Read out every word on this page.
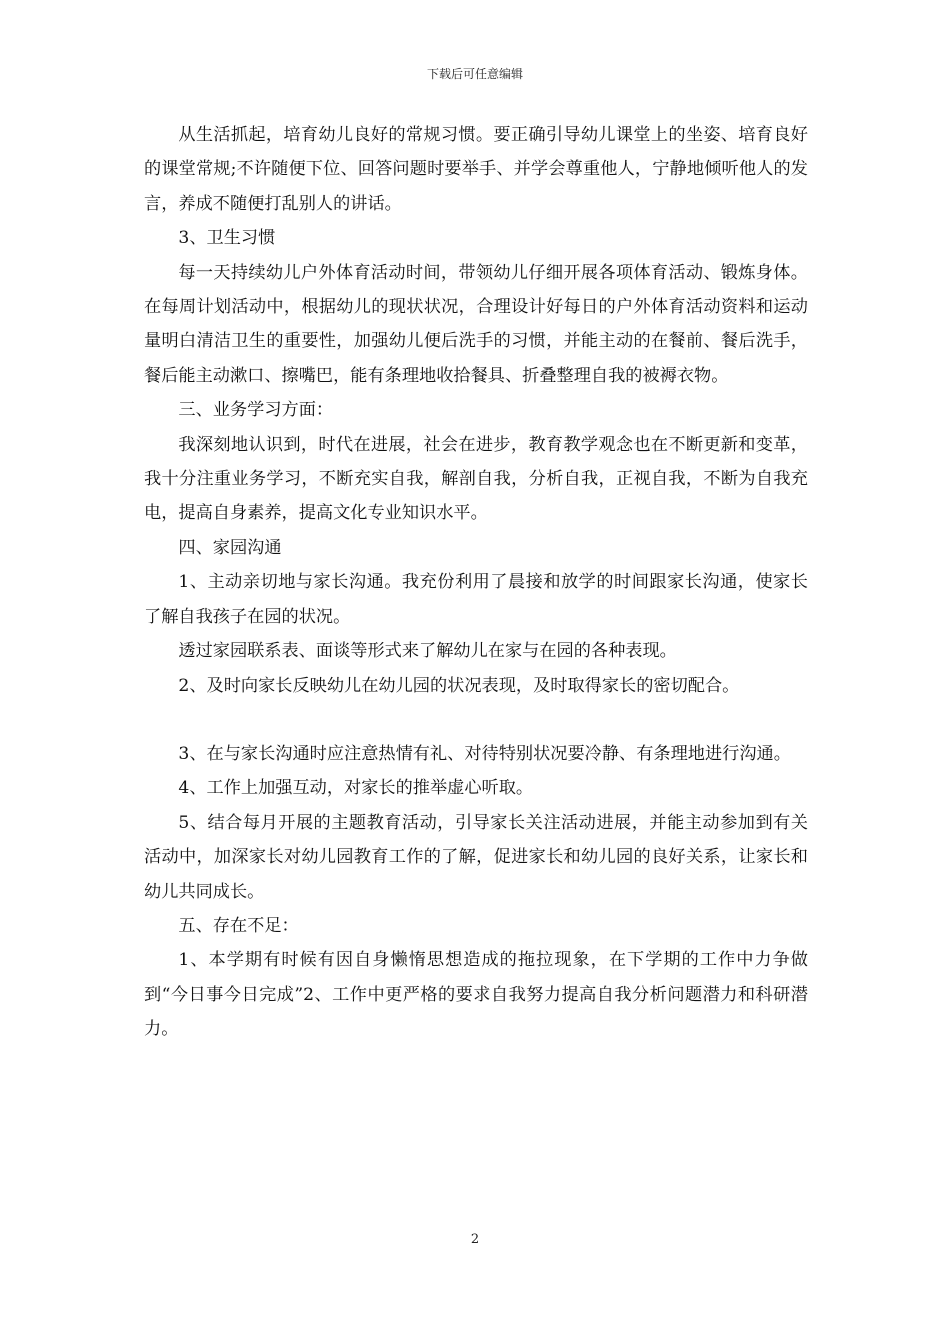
下载后可任意编辑

从生活抓起，培育幼儿良好的常规习惯。要正确引导幼儿课堂上的坐姿、培育良好的课堂常规;不许随便下位、回答问题时要举手、并学会尊重他人，宁静地倾听他人的发言，养成不随便打乱别人的讲话。

3、卫生习惯

每一天持续幼儿户外体育活动时间，带领幼儿仔细开展各项体育活动、锻炼身体。在每周计划活动中，根据幼儿的现状状况，合理设计好每日的户外体育活动资料和运动量明白清洁卫生的重要性，加强幼儿便后洗手的习惯，并能主动的在餐前、餐后洗手，餐后能主动漱口、擦嘴巴，能有条理地收拾餐具、折叠整理自我的被褥衣物。

三、业务学习方面：

我深刻地认识到，时代在进展，社会在进步，教育教学观念也在不断更新和变革，我十分注重业务学习，不断充实自我，解剖自我，分析自我，正视自我，不断为自我充电，提高自身素养，提高文化专业知识水平。

四、家园沟通

1、主动亲切地与家长沟通。我充份利用了晨接和放学的时间跟家长沟通，使家长了解自我孩子在园的状况。

透过家园联系表、面谈等形式来了解幼儿在家与在园的各种表现。

2、及时向家长反映幼儿在幼儿园的状况表现，及时取得家长的密切配合。

3、在与家长沟通时应注意热情有礼、对待特别状况要冷静、有条理地进行沟通。

4、工作上加强互动，对家长的推举虚心听取。

5、结合每月开展的主题教育活动，引导家长关注活动进展，并能主动参加到有关活动中，加深家长对幼儿园教育工作的了解，促进家长和幼儿园的良好关系，让家长和幼儿共同成长。

五、存在不足：

1、本学期有时候有因自身懒惰思想造成的拖拉现象，在下学期的工作中力争做到“今日事今日完成”2、工作中更严格的要求自我努力提高自我分析问题潜力和科研潜力。

2
